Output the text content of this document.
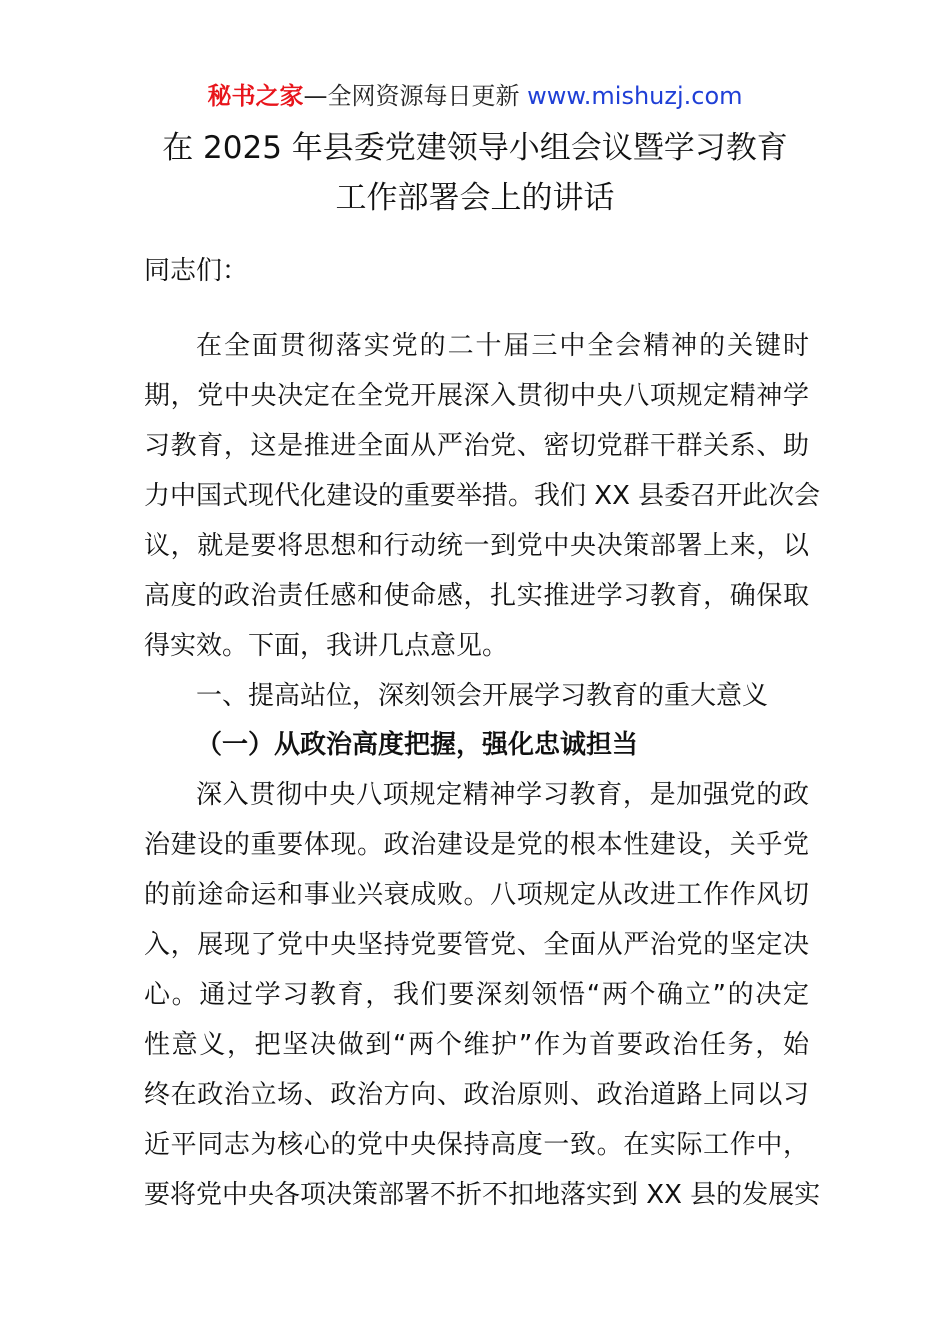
秘书之家—全网资源每日更新 www.mishuzj.com
在 2025 年县委党建领导小组会议暨学习教育
工作部署会上的讲话
同志们：
在全面贯彻落实党的二十届三中全会精神的关键时
期，党中央决定在全党开展深入贯彻中央八项规定精神学
习教育，这是推进全面从严治党、密切党群干群关系、助
力中国式现代化建设的重要举措。我们 XX 县委召开此次会
议，就是要将思想和行动统一到党中央决策部署上来，以
高度的政治责任感和使命感，扎实推进学习教育，确保取
得实效。下面，我讲几点意见。
一、提高站位，深刻领会开展学习教育的重大意义
（一）从政治高度把握，强化忠诚担当
深入贯彻中央八项规定精神学习教育，是加强党的政
治建设的重要体现。政治建设是党的根本性建设，关乎党
的前途命运和事业兴衰成败。八项规定从改进工作作风切
入，展现了党中央坚持党要管党、全面从严治党的坚定决
心。通过学习教育，我们要深刻领悟“两个确立”的决定
性意义，把坚决做到“两个维护”作为首要政治任务，始
终在政治立场、政治方向、政治原则、政治道路上同以习
近平同志为核心的党中央保持高度一致。在实际工作中，
要将党中央各项决策部署不折不扣地落实到 XX 县的发展实
